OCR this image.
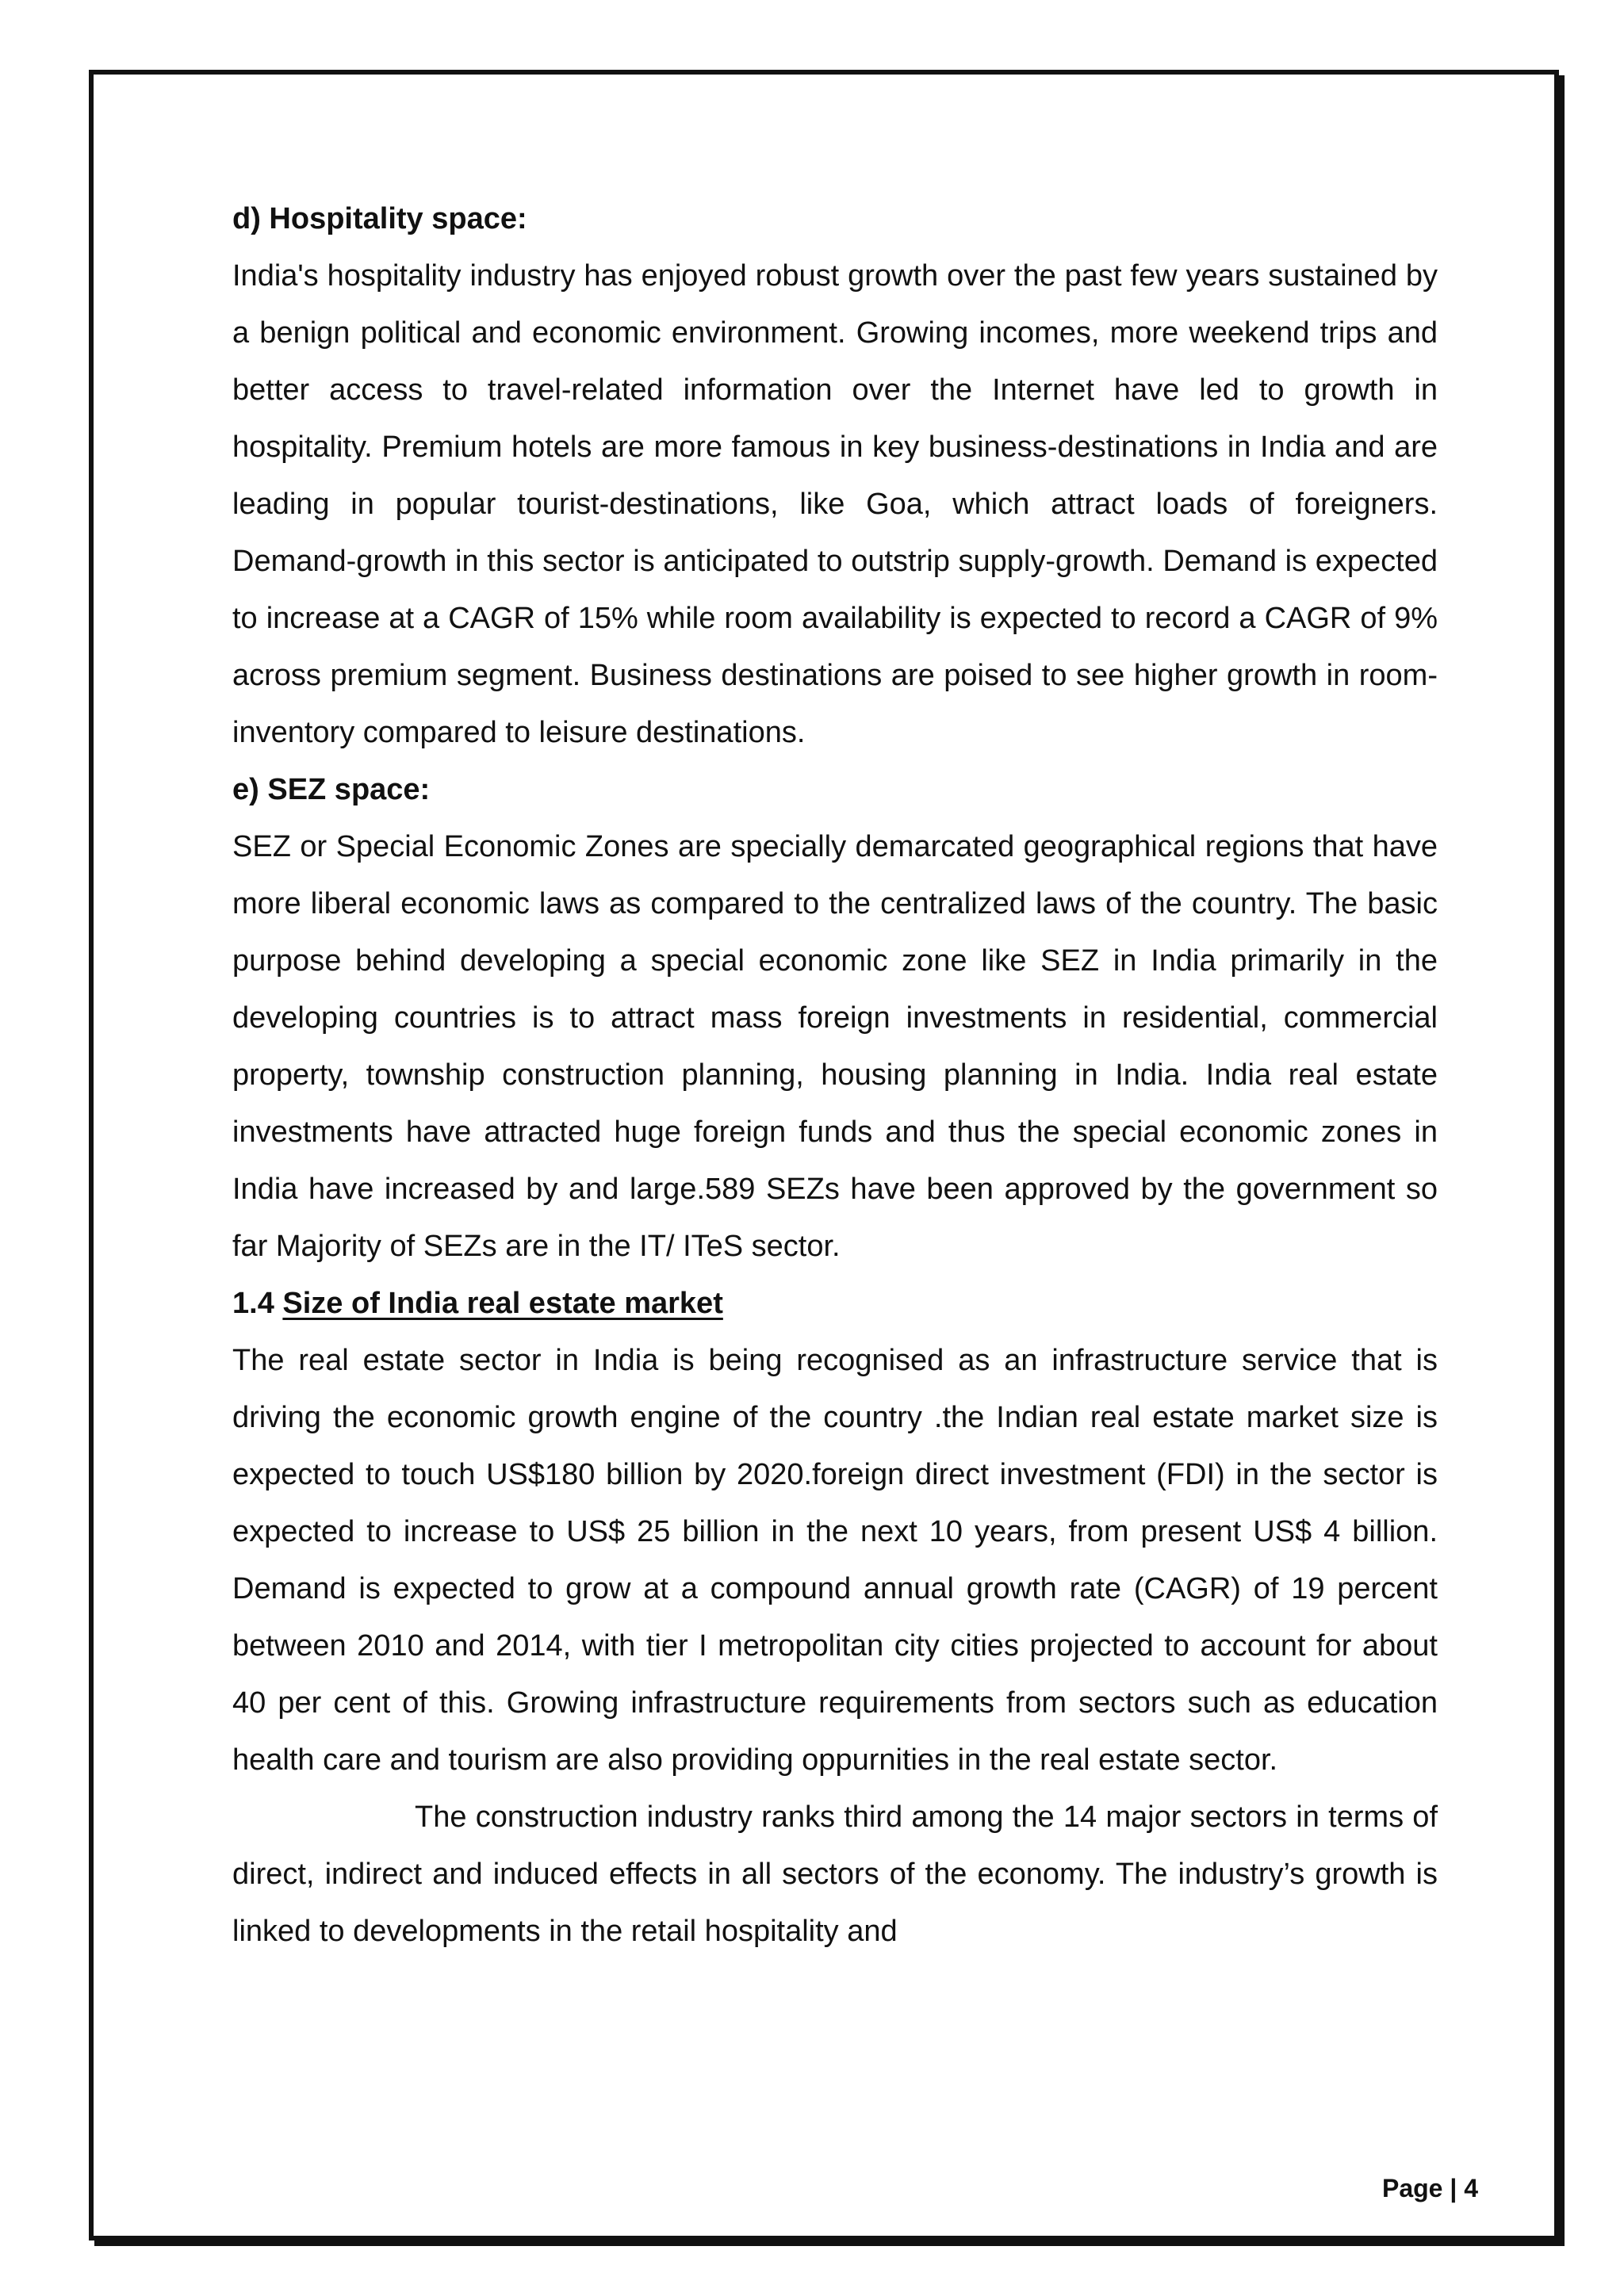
d) Hospitality space:

India's hospitality industry has enjoyed robust growth over the past few years sustained by a benign political and economic environment. Growing incomes, more weekend trips and better access to travel-related information over the Internet have led to growth in hospitality. Premium hotels are more famous in key business-destinations in India and are leading in popular tourist-destinations, like Goa, which attract loads of foreigners. Demand-growth in this sector is anticipated to outstrip supply-growth. Demand is expected to increase at a CAGR of 15% while room availability is expected to record a CAGR of 9% across premium segment. Business destinations are poised to see higher growth in room-inventory compared to leisure destinations.

e) SEZ space:

SEZ or Special Economic Zones are specially demarcated geographical regions that have more liberal economic laws as compared to the centralized laws of the country. The basic purpose behind developing a special economic zone like SEZ in India primarily in the developing countries is to attract mass foreign investments in residential, commercial property, township construction planning, housing planning in India. India real estate investments have attracted huge foreign funds and thus the special economic zones in India have increased by and large.589 SEZs have been approved by the government so far Majority of SEZs are in the IT/ ITeS sector.

1.4 Size of India real estate market

The real estate sector in India is being recognised as an infrastructure service that is driving the economic growth engine of the country .the Indian real estate market size is expected to touch US$180 billion by 2020.foreign direct investment (FDI) in the sector is expected to increase to US$ 25 billion in the next 10 years, from present US$ 4 billion. Demand is expected to grow at a compound annual growth rate (CAGR) of 19 percent between 2010 and 2014, with tier I metropolitan city cities projected to account for about 40 per cent of this. Growing infrastructure requirements from sectors such as education health care and tourism are also providing oppurnities in the real estate sector.

The construction industry ranks third among the 14 major sectors in terms of direct, indirect and induced effects in all sectors of the economy. The industry’s growth is linked to developments in the retail hospitality and

Page | 4
